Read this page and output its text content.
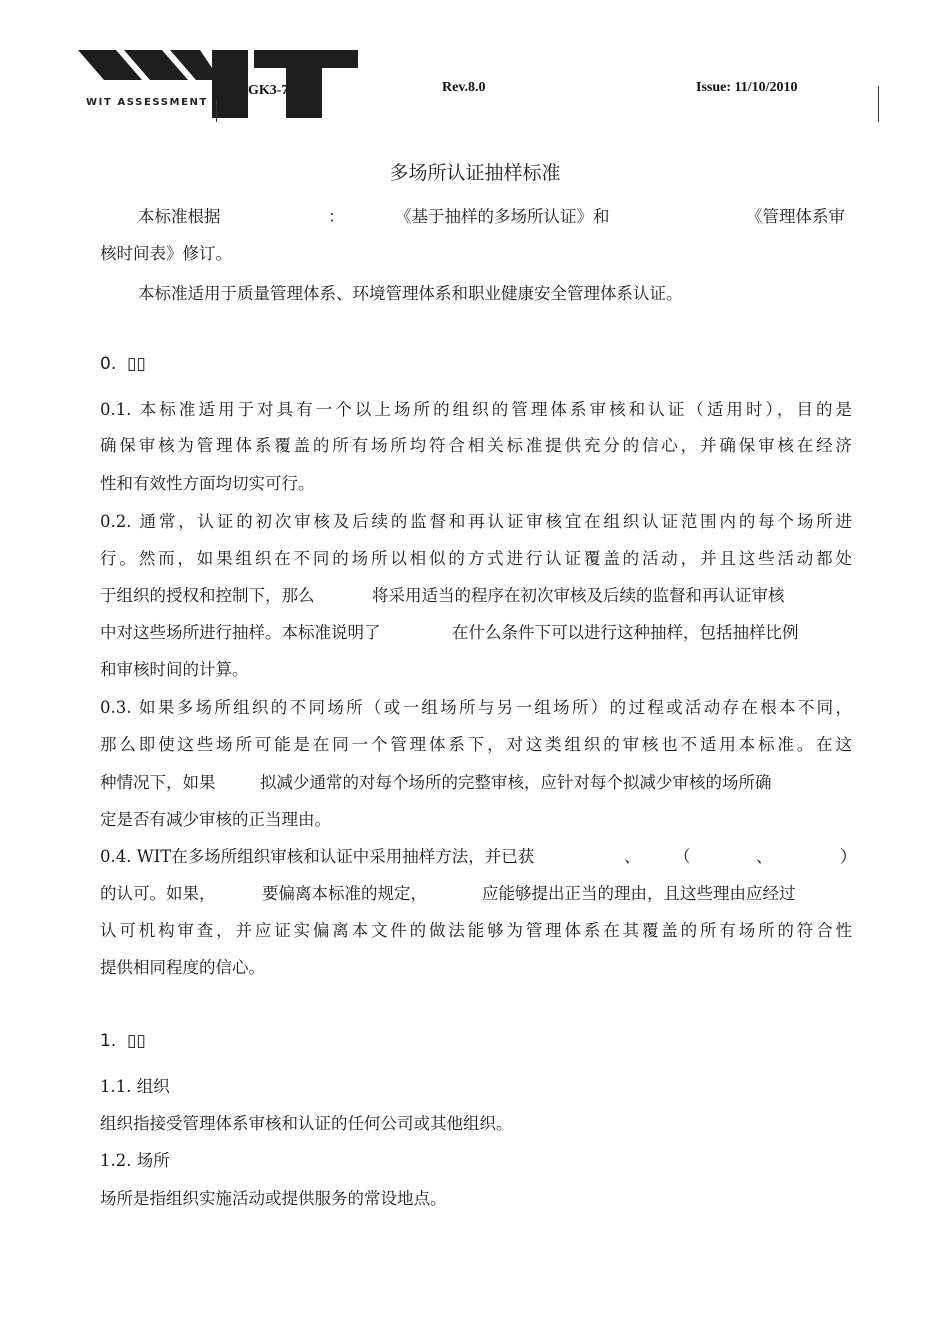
WIT ASSESSMENT
GK3-7	Rev.8.0	Issue: 11/10/2010
多场所认证抽样标准
本标准根据	：	《基于抽样的多场所认证》和	《管理体系审
核时间表》修订。
本标准适用于质量管理体系、环境管理体系和职业健康安全管理体系认证。
0. ▯▯
0.1. 本标准适用于对具有一个以上场所的组织的管理体系审核和认证（适用时），目的是
确保审核为管理体系覆盖的所有场所均符合相关标准提供充分的信心，并确保审核在经济
性和有效性方面均切实可行。
0.2. 通常，认证的初次审核及后续的监督和再认证审核宜在组织认证范围内的每个场所进
行。然而，如果组织在不同的场所以相似的方式进行认证覆盖的活动，并且这些活动都处
于组织的授权和控制下，那么	将采用适当的程序在初次审核及后续的监督和再认证审核
中对这些场所进行抽样。本标准说明了	在什么条件下可以进行这种抽样，包括抽样比例
和审核时间的计算。
0.3. 如果多场所组织的不同场所（或一组场所与另一组场所）的过程或活动存在根本不同，
那么即使这些场所可能是在同一个管理体系下，对这类组织的审核也不适用本标准。在这
种情况下，如果	拟减少通常的对每个场所的完整审核，应针对每个拟减少审核的场所确
定是否有减少审核的正当理由。
0.4. WIT在多场所组织审核和认证中采用抽样方法，并已获	、 （	、	）
的认可。如果，	要偏离本标准的规定，	应能够提出正当的理由，且这些理由应经过
认可机构审查，并应证实偏离本文件的做法能够为管理体系在其覆盖的所有场所的符合性
提供相同程度的信心。
1. ▯▯
1.1. 组织
组织指接受管理体系审核和认证的任何公司或其他组织。
1.2. 场所
场所是指组织实施活动或提供服务的常设地点。
